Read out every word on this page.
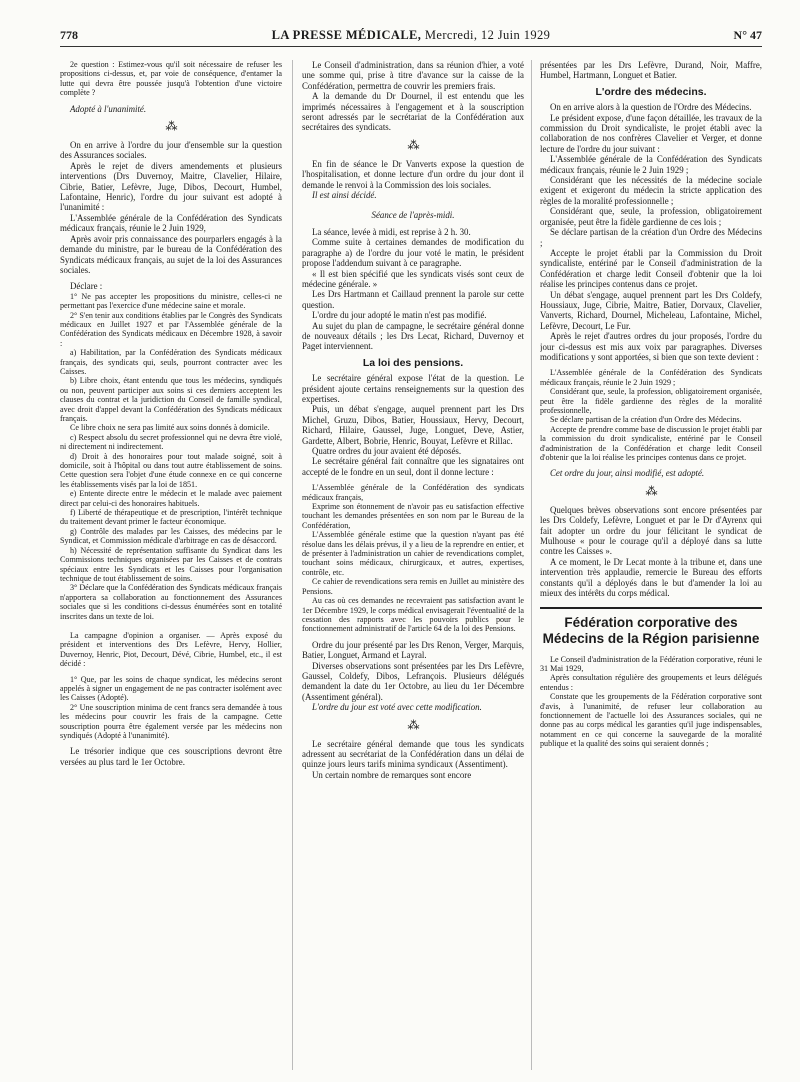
778	LA PRESSE MÉDICALE, Mercredi, 12 Juin 1929	N° 47

2e question : Estimez-vous qu'il soit nécessaire de refuser les propositions ci-dessus, et, par voie de conséquence, d'entamer la lutte qui devra être poussée jusqu'à l'obtention d'une victoire complète ?

Adopté à l'unanimité.

⁂

On en arrive à l'ordre du jour d'ensemble sur la question des Assurances sociales.

Après le rejet de divers amendements et plusieurs interventions (Drs Duvernoy, Maitre, Clavelier, Hilaire, Cibrie, Batier, Lefèvre, Juge, Dibos, Decourt, Humbel, Lafontaine, Henric), l'ordre du jour suivant est adopté à l'unanimité :

L'Assemblée générale de la Confédération des Syndicats médicaux français, réunie le 2 Juin 1929,

Après avoir pris connaissance des pourparlers engagés à la demande du ministre, par le bureau de la Confédération des Syndicats médicaux français, au sujet de la loi des Assurances sociales.

Déclare :

1° Ne pas accepter les propositions du ministre, celles-ci ne permettant pas l'exercice d'une médecine saine et morale.

2° S'en tenir aux conditions établies par le Congrès des Syndicats médicaux en Juillet 1927 et par l'Assemblée générale de la Confédération des Syndicats médicaux en Décembre 1928, à savoir :

a) Habilitation, par la Confédération des Syndicats médicaux français, des syndicats qui, seuls, pourront contracter avec les Caisses.

b) Libre choix, étant entendu que tous les médecins, syndiqués ou non, peuvent participer aux soins si ces derniers acceptent les clauses du contrat et la juridiction du Conseil de famille syndical, avec droit d'appel devant la Confédération des Syndicats médicaux français.

Ce libre choix ne sera pas limité aux soins donnés à domicile.

c) Respect absolu du secret professionnel qui ne devra être violé, ni directement ni indirectement.

d) Droit à des honoraires pour tout malade soigné, soit à domicile, soit à l'hôpital ou dans tout autre établissement de soins. Cette question sera l'objet d'une étude connexe en ce qui concerne les établissements visés par la loi de 1851.

e) Entente directe entre le médecin et le malade avec paiement direct par celui-ci des honoraires habituels.

f) Liberté de thérapeutique et de prescription, l'intérêt technique du traitement devant primer le facteur économique.

g) Contrôle des malades par les Caisses, des médecins par le Syndicat, et Commission médicale d'arbitrage en cas de désaccord.

h) Nécessité de représentation suffisante du Syndicat dans les Commissions techniques organisées par les Caisses et de contrats spéciaux entre les Syndicats et les Caisses pour l'organisation technique de tout établissement de soins.

3° Déclare que la Confédération des Syndicats médicaux français n'apportera sa collaboration au fonctionnement des Assurances sociales que si les conditions ci-dessus énumérées sont en totalité inscrites dans un texte de loi.

La campagne d'opinion a organiser. — Après exposé du président et interventions des Drs Lefèvre, Hervy, Hollier, Duvernoy, Henric, Piot, Decourt, Dévé, Cibrie, Humbel, etc., il est décidé :

1° Que, par les soins de chaque syndicat, les médecins seront appelés à signer un engagement de ne pas contracter isolément avec les Caisses (Adopté).

2° Une souscription minima de cent francs sera demandée à tous les médecins pour couvrir les frais de la campagne. Cette souscription pourra être également versée par les médecins non syndiqués (Adopté à l'unanimité).

Le trésorier indique que ces souscriptions devront être versées au plus tard le 1er Octobre.

Le Conseil d'administration, dans sa réunion d'hier, a voté une somme qui, prise à titre d'avance sur la caisse de la Confédération, permettra de couvrir les premiers frais.

A la demande du Dr Dournel, il est entendu que les imprimés nécessaires à l'engagement et à la souscription seront adressés par le secrétariat de la Confédération aux secrétaires des syndicats.

⁂

En fin de séance le Dr Vanverts expose la question de l'hospitalisation, et donne lecture d'un ordre du jour dont il demande le renvoi à la Commission des lois sociales.

Il est ainsi décidé.

Séance de l'après-midi.

La séance, levée à midi, est reprise à 2 h. 30.

Comme suite à certaines demandes de modification du paragraphe a) de l'ordre du jour voté le matin, le président propose l'addendum suivant à ce paragraphe.

« Il est bien spécifié que les syndicats visés sont ceux de médecine générale. »

Les Drs Hartmann et Caillaud prennent la parole sur cette question.

L'ordre du jour adopté le matin n'est pas modifié.

Au sujet du plan de campagne, le secrétaire général donne de nouveaux détails ; les Drs Lecat, Richard, Duvernoy et Paget interviennent.

La loi des pensions.

Le secrétaire général expose l'état de la question. Le président ajoute certains renseignements sur la question des expertises.

Puis, un débat s'engage, auquel prennent part les Drs Michel, Gruzu, Dibos, Batier, Houssiaux, Hervy, Decourt, Richard, Hilaire, Gaussel, Juge, Longuet, Deve, Astier, Gardette, Albert, Bobrie, Henric, Bouyat, Lefèvre et Rillac.

Quatre ordres du jour avaient été déposés.

Le secrétaire général fait connaître que les signataires ont accepté de le fondre en un seul, dont il donne lecture :

L'Assemblée générale de la Confédération des syndicats médicaux français,

Exprime son étonnement de n'avoir pas eu satisfaction effective touchant les demandes présentées en son nom par le Bureau de la Confédération,

L'Assemblée générale estime que la question n'ayant pas été résolue dans les délais prévus, il y a lieu de la reprendre en entier, et de présenter à l'administration un cahier de revendications complet, touchant soins médicaux, chirurgicaux, et autres, expertises, contrôle, etc.

Ce cahier de revendications sera remis en Juillet au ministère des Pensions.

Au cas où ces demandes ne recevraient pas satisfaction avant le 1er Décembre 1929, le corps médical envisagerait l'éventualité de la cessation des rapports avec les pouvoirs publics pour le fonctionnement administratif de l'article 64 de la loi des Pensions.

Ordre du jour présenté par les Drs Renon, Verger, Marquis, Batier, Longuet, Armand et Layral.

Diverses observations sont présentées par les Drs Lefèvre, Gaussel, Coldefy, Dibos, Lefrançois. Plusieurs délégués demandent la date du 1er Octobre, au lieu du 1er Décembre (Assentiment général).

L'ordre du jour est voté avec cette modification.

⁂

Le secrétaire général demande que tous les syndicats adressent au secrétariat de la Confédération dans un délai de quinze jours leurs tarifs minima syndicaux (Assentiment).

Un certain nombre de remarques sont encore

présentées par les Drs Lefèvre, Durand, Noir, Maffre, Humbel, Hartmann, Longuet et Batier.

L'ordre des médecins.

On en arrive alors à la question de l'Ordre des Médecins.

Le président expose, d'une façon détaillée, les travaux de la commission du Droit syndicaliste, le projet établi avec la collaboration de nos confrères Clavelier et Verger, et donne lecture de l'ordre du jour suivant :

L'Assemblée générale de la Confédération des Syndicats médicaux français, réunie le 2 Juin 1929 ;

Considérant que les nécessités de la médecine sociale exigent et exigeront du médecin la stricte application des règles de la moralité professionnelle ;

Considérant que, seule, la profession, obligatoirement organisée, peut être la fidèle gardienne de ces lois ;

Se déclare partisan de la création d'un Ordre des Médecins ;

Accepte le projet établi par la Commission du Droit syndicaliste, entériné par le Conseil d'administration de la Confédération et charge ledit Conseil d'obtenir que la loi réalise les principes contenus dans ce projet.

Un débat s'engage, auquel prennent part les Drs Coldefy, Houssiaux, Juge, Cibrie, Maitre, Batier, Dorvaux, Clavelier, Vanverts, Richard, Dournel, Micheleau, Lafontaine, Michel, Lefèvre, Decourt, Le Fur.

Après le rejet d'autres ordres du jour proposés, l'ordre du jour ci-dessus est mis aux voix par paragraphes. Diverses modifications y sont apportées, si bien que son texte devient :

L'Assemblée générale de la Confédération des Syndicats médicaux français, réunie le 2 Juin 1929 ;

Considérant que, seule, la profession, obligatoirement organisée, peut être la fidèle gardienne des règles de la moralité professionnelle,

Se déclare partisan de la création d'un Ordre des Médecins.

Accepte de prendre comme base de discussion le projet établi par la commission du droit syndicaliste, entériné par le Conseil d'administration de la Confédération et charge ledit Conseil d'obtenir que la loi réalise les principes contenus dans ce projet.

Cet ordre du jour, ainsi modifié, est adopté.

⁂

Quelques brèves observations sont encore présentées par les Drs Coldefy, Lefèvre, Longuet et par le Dr d'Ayrenx qui fait adopter un ordre du jour félicitant le syndicat de Mulhouse « pour le courage qu'il a déployé dans sa lutte contre les Caisses ».

A ce moment, le Dr Lecat monte à la tribune et, dans une intervention très applaudie, remercie le Bureau des efforts constants qu'il a déployés dans le but d'amender la loi au mieux des intérêts du corps médical.

Fédération corporative des Médecins de la Région parisienne

Le Conseil d'administration de la Fédération corporative, réuni le 31 Mai 1929,

Après consultation régulière des groupements et leurs délégués entendus :

Constate que les groupements de la Fédération corporative sont d'avis, à l'unanimité, de refuser leur collaboration au fonctionnement de l'actuelle loi des Assurances sociales, qui ne donne pas au corps médical les garanties qu'il juge indispensables, notamment en ce qui concerne la sauvegarde de la moralité publique et la qualité des soins qui seraient donnés ;
